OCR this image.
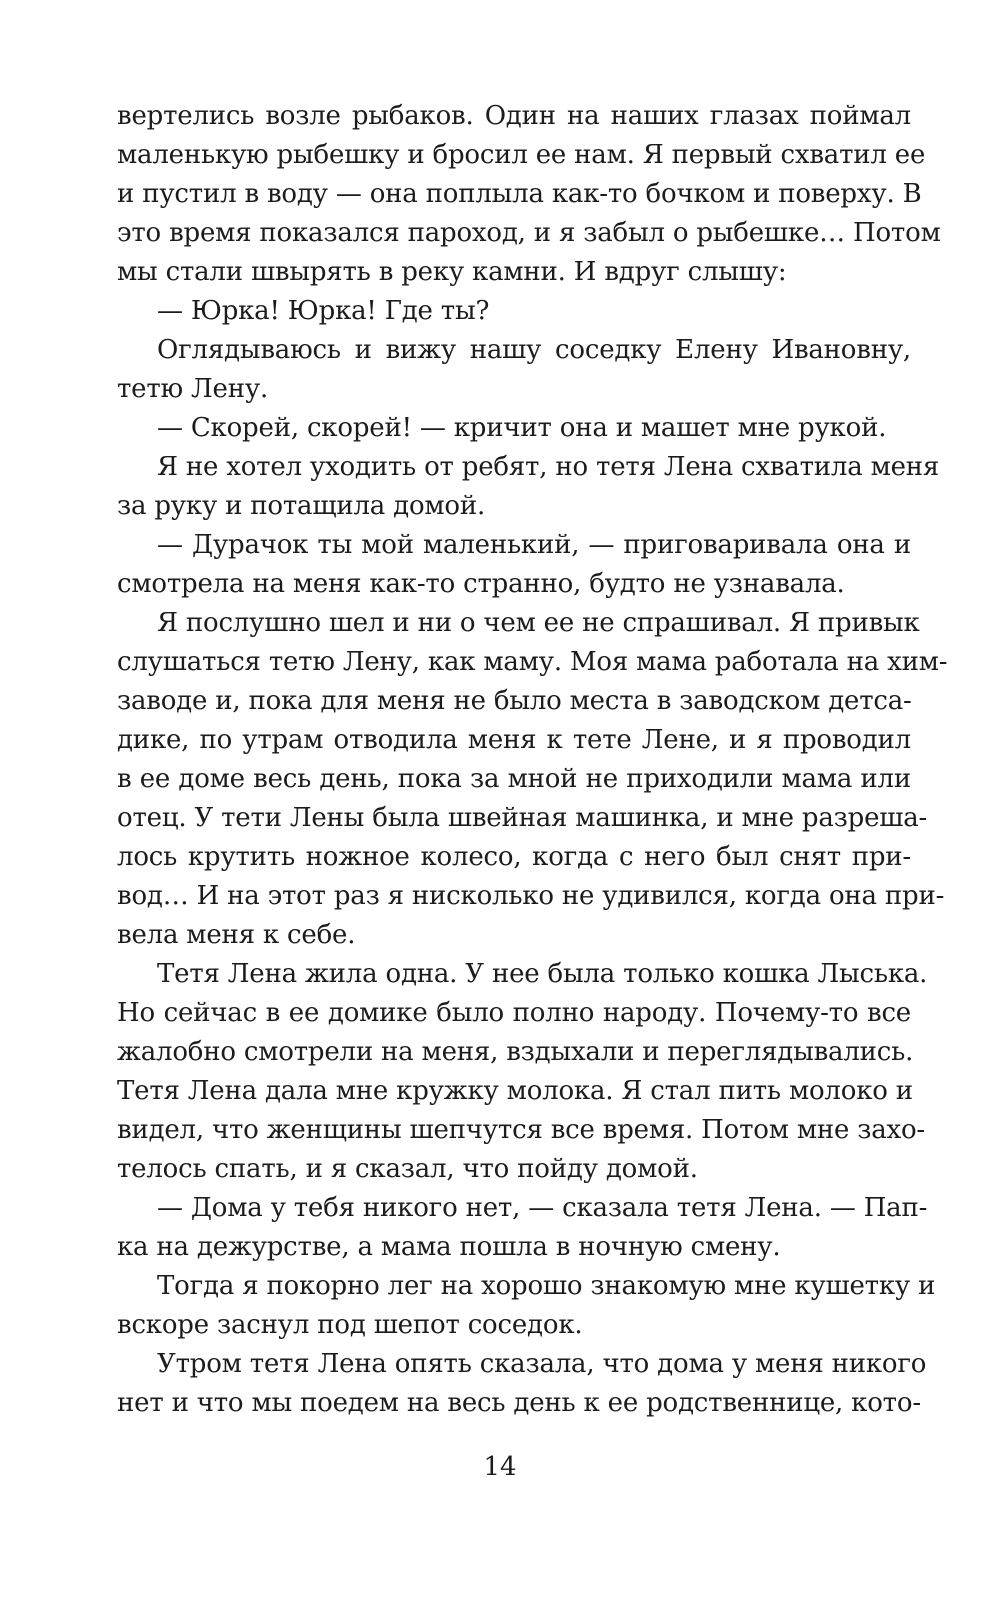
вертелись возле рыбаков. Один на наших глазах поймал
маленькую рыбешку и бросил ее нам. Я первый схватил ее
и пустил в воду — она поплыла как-то бочком и поверху. В
это время показался пароход, и я забыл о рыбешке… Потом
мы стали швырять в реку камни. И вдруг слышу:
— Юрка! Юрка! Где ты?
Оглядываюсь и вижу нашу соседку Елену Ивановну,
тетю Лену.
— Скорей, скорей! — кричит она и машет мне рукой.
Я не хотел уходить от ребят, но тетя Лена схватила меня
за руку и потащила домой.
— Дурачок ты мой маленький, — приговаривала она и
смотрела на меня как-то странно, будто не узнавала.
Я послушно шел и ни о чем ее не спрашивал. Я привык
слушаться тетю Лену, как маму. Моя мама работала на хим-
заводе и, пока для меня не было места в заводском детса-
дике, по утрам отводила меня к тете Лене, и я проводил
в ее доме весь день, пока за мной не приходили мама или
отец. У тети Лены была швейная машинка, и мне разреша-
лось крутить ножное колесо, когда с него был снят при-
вод… И на этот раз я нисколько не удивился, когда она при-
вела меня к себе.
Тетя Лена жила одна. У нее была только кошка Лыська.
Но сейчас в ее домике было полно народу. Почему-то все
жалобно смотрели на меня, вздыхали и переглядывались.
Тетя Лена дала мне кружку молока. Я стал пить молоко и
видел, что женщины шепчутся все время. Потом мне захо-
телось спать, и я сказал, что пойду домой.
— Дома у тебя никого нет, — сказала тетя Лена. — Пап-
ка на дежурстве, а мама пошла в ночную смену.
Тогда я покорно лег на хорошо знакомую мне кушетку и
вскоре заснул под шепот соседок.
Утром тетя Лена опять сказала, что дома у меня никого
нет и что мы поедем на весь день к ее родственнице, кото-
14
